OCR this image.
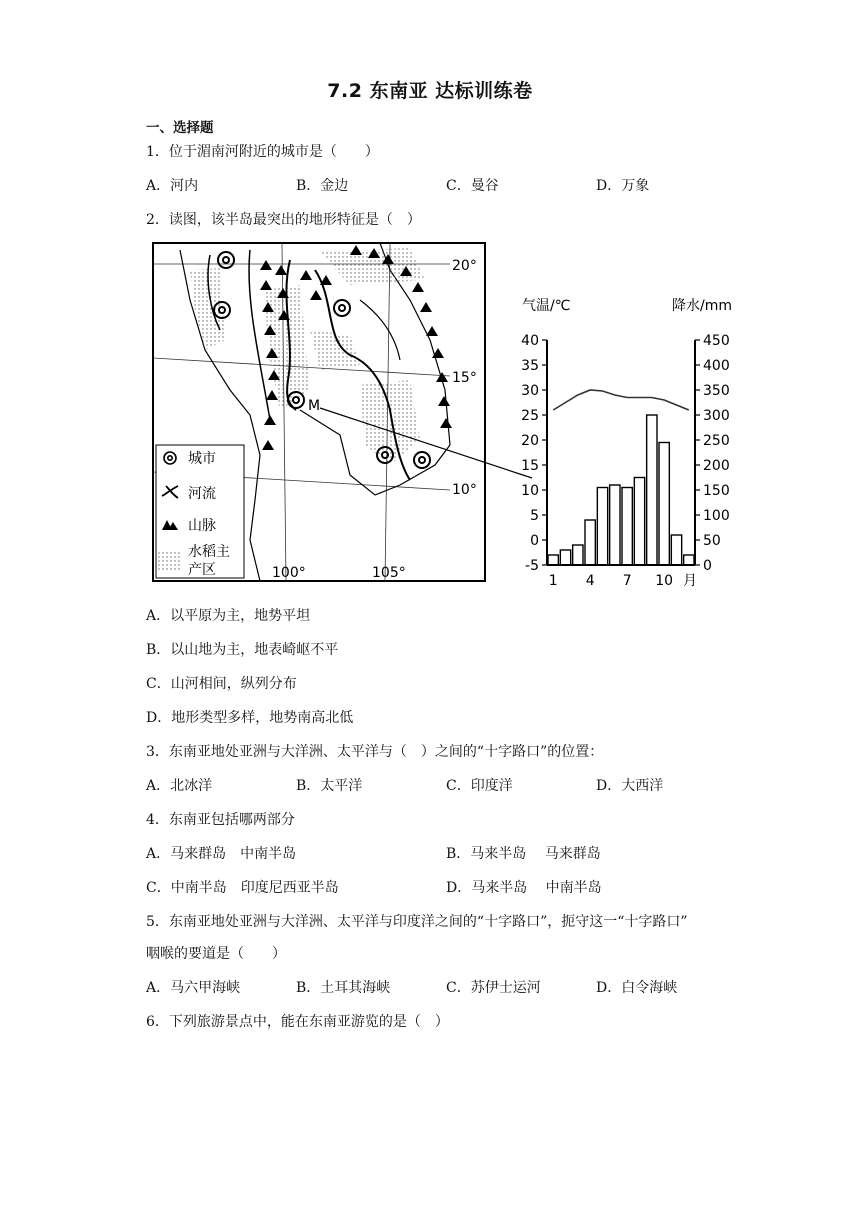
7.2 东南亚 达标训练卷
一、选择题
1．位于湄南河附近的城市是（　　）
A．河内	B．金边	C．曼谷	D．万象
2．读图，该半岛最突出的地形特征是（　）
20°
15°
10°
100°	105°
M
城市
河流
山脉
水稻主
产区
气温/℃	降水/mm
40
35
30
25
20
15
10
5
0
-5
450
400
350
300
250
200
150
100
50
0
1 4 7 10 月
A．以平原为主，地势平坦
B．以山地为主，地表崎岖不平
C．山河相间，纵列分布
D．地形类型多样，地势南高北低
3．东南亚地处亚洲与大洋洲、太平洋与（　）之间的“十字路口”的位置：
A．北冰洋	B．太平洋	C．印度洋	D．大西洋
4．东南亚包括哪两部分
A．马来群岛　中南半岛	B．马来半岛　 马来群岛
C．中南半岛　印度尼西亚半岛	D．马来半岛　 中南半岛
5．东南亚地处亚洲与大洋洲、太平洋与印度洋之间的“十字路口”，扼守这一“十字路口”
咽喉的要道是（　　）
A．马六甲海峡	B．土耳其海峡	C．苏伊士运河	D．白令海峡
6．下列旅游景点中，能在东南亚游览的是（　）
